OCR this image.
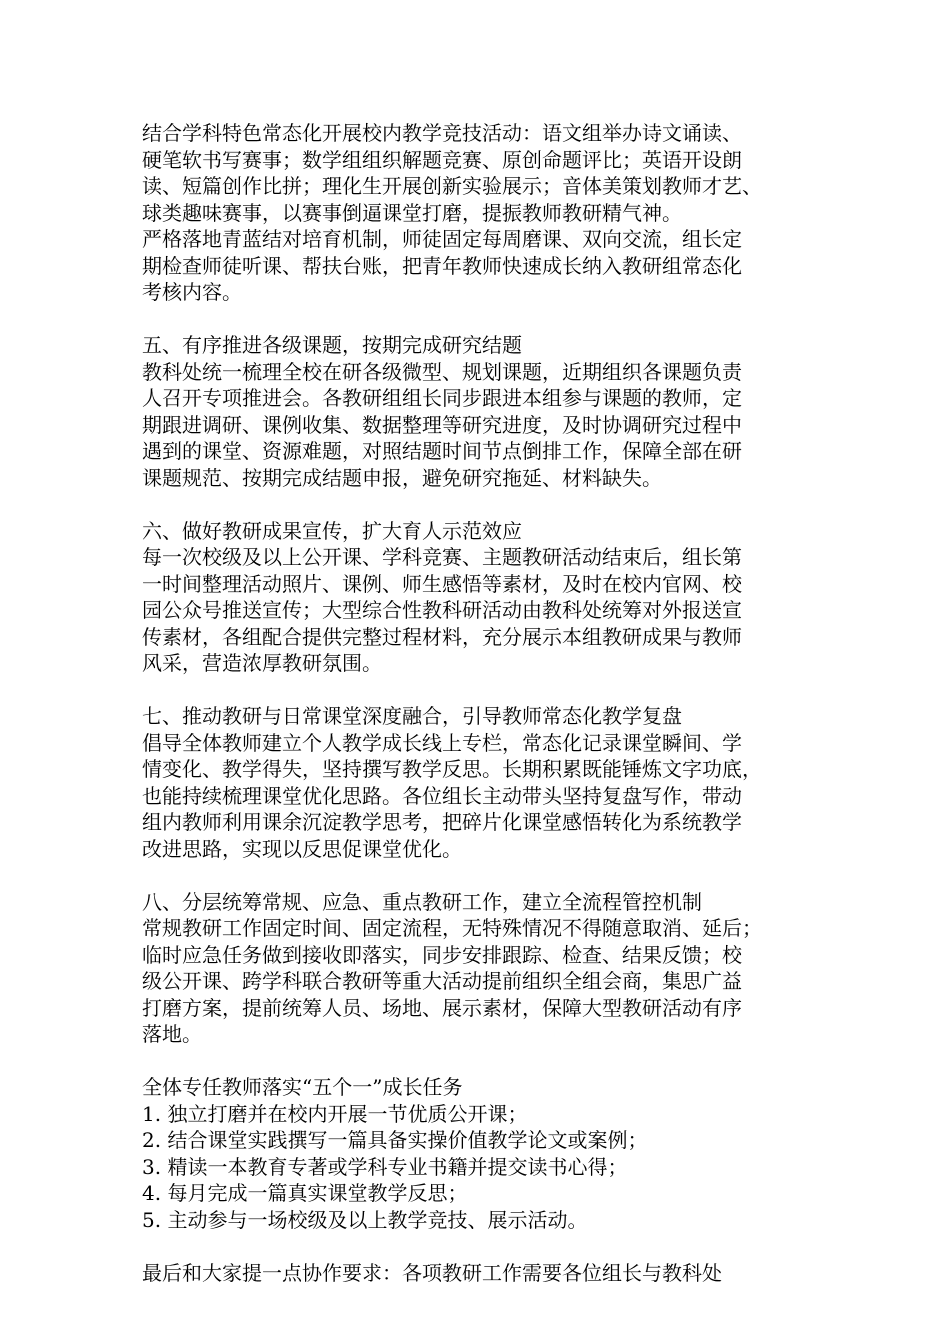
结合学科特色常态化开展校内教学竞技活动：语文组举办诗文诵读、
硬笔软书写赛事；数学组组织解题竞赛、原创命题评比；英语开设朗
读、短篇创作比拼；理化生开展创新实验展示；音体美策划教师才艺、
球类趣味赛事，以赛事倒逼课堂打磨，提振教师教研精气神。
严格落地青蓝结对培育机制，师徒固定每周磨课、双向交流，组长定
期检查师徒听课、帮扶台账，把青年教师快速成长纳入教研组常态化
考核内容。
五、有序推进各级课题，按期完成研究结题
教科处统一梳理全校在研各级微型、规划课题，近期组织各课题负责
人召开专项推进会。各教研组组长同步跟进本组参与课题的教师，定
期跟进调研、课例收集、数据整理等研究进度，及时协调研究过程中
遇到的课堂、资源难题，对照结题时间节点倒排工作，保障全部在研
课题规范、按期完成结题申报，避免研究拖延、材料缺失。
六、做好教研成果宣传，扩大育人示范效应
每一次校级及以上公开课、学科竞赛、主题教研活动结束后，组长第
一时间整理活动照片、课例、师生感悟等素材，及时在校内官网、校
园公众号推送宣传；大型综合性教科研活动由教科处统筹对外报送宣
传素材，各组配合提供完整过程材料，充分展示本组教研成果与教师
风采，营造浓厚教研氛围。
七、推动教研与日常课堂深度融合，引导教师常态化教学复盘
倡导全体教师建立个人教学成长线上专栏，常态化记录课堂瞬间、学
情变化、教学得失，坚持撰写教学反思。长期积累既能锤炼文字功底，
也能持续梳理课堂优化思路。各位组长主动带头坚持复盘写作，带动
组内教师利用课余沉淀教学思考，把碎片化课堂感悟转化为系统教学
改进思路，实现以反思促课堂优化。
八、分层统筹常规、应急、重点教研工作，建立全流程管控机制
常规教研工作固定时间、固定流程，无特殊情况不得随意取消、延后；
临时应急任务做到接收即落实，同步安排跟踪、检查、结果反馈；校
级公开课、跨学科联合教研等重大活动提前组织全组会商，集思广益
打磨方案，提前统筹人员、场地、展示素材，保障大型教研活动有序
落地。
全体专任教师落实“五个一”成长任务
1. 独立打磨并在校内开展一节优质公开课；
2. 结合课堂实践撰写一篇具备实操价值教学论文或案例；
3. 精读一本教育专著或学科专业书籍并提交读书心得；
4. 每月完成一篇真实课堂教学反思；
5. 主动参与一场校级及以上教学竞技、展示活动。
最后和大家提一点协作要求：各项教研工作需要各位组长与教科处
